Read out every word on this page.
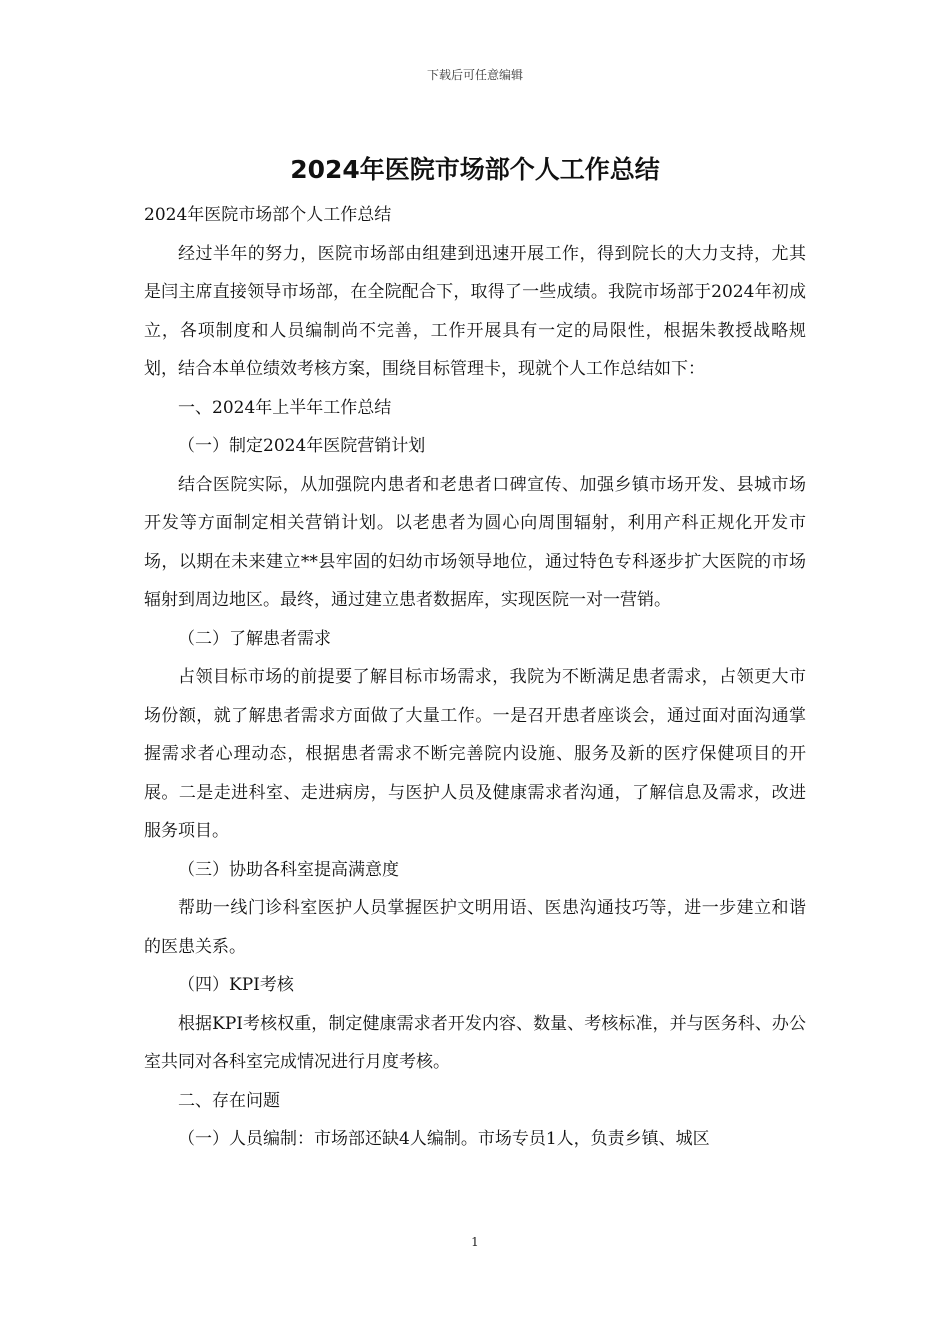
下载后可任意编辑
2024年医院市场部个人工作总结

2024年医院市场部个人工作总结

经过半年的努力，医院市场部由组建到迅速开展工作，得到院长的大力支持，尤其是闫主席直接领导市场部，在全院配合下，取得了一些成绩。我院市场部于2024年初成立，各项制度和人员编制尚不完善，工作开展具有一定的局限性，根据朱教授战略规划，结合本单位绩效考核方案，围绕目标管理卡，现就个人工作总结如下：

一、2024年上半年工作总结

（一）制定2024年医院营销计划

结合医院实际，从加强院内患者和老患者口碑宣传、加强乡镇市场开发、县城市场开发等方面制定相关营销计划。以老患者为圆心向周围辐射，利用产科正规化开发市场，以期在未来建立**县牢固的妇幼市场领导地位，通过特色专科逐步扩大医院的市场辐射到周边地区。最终，通过建立患者数据库，实现医院一对一营销。

（二）了解患者需求

占领目标市场的前提要了解目标市场需求，我院为不断满足患者需求，占领更大市场份额，就了解患者需求方面做了大量工作。一是召开患者座谈会，通过面对面沟通掌握需求者心理动态，根据患者需求不断完善院内设施、服务及新的医疗保健项目的开展。二是走进科室、走进病房，与医护人员及健康需求者沟通，了解信息及需求，改进服务项目。

（三）协助各科室提高满意度

帮助一线门诊科室医护人员掌握医护文明用语、医患沟通技巧等，进一步建立和谐的医患关系。

（四）KPI考核

根据KPI考核权重，制定健康需求者开发内容、数量、考核标准，并与医务科、办公室共同对各科室完成情况进行月度考核。

二、存在问题

（一）人员编制：市场部还缺4人编制。市场专员1人，负责乡镇、城区

1
